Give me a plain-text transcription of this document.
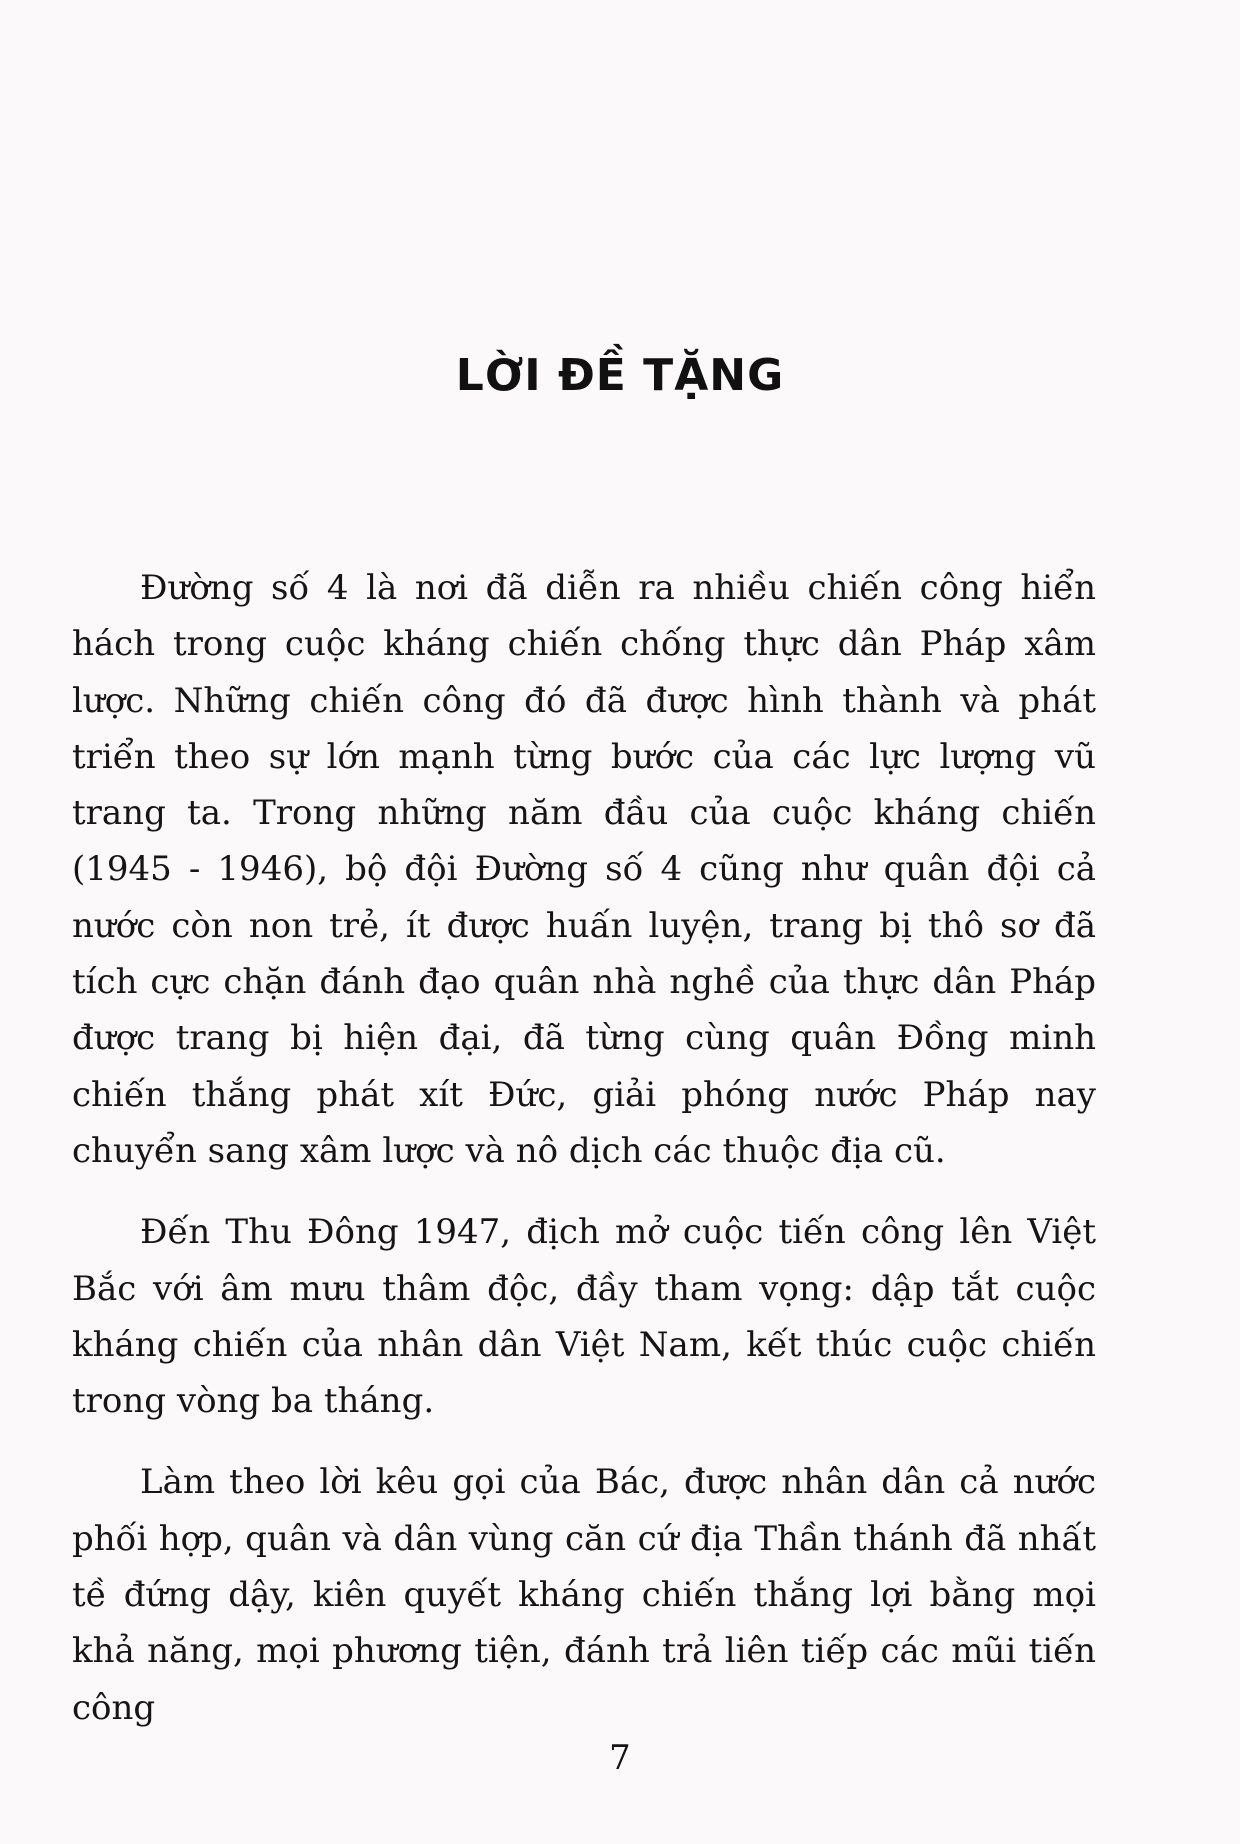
LỜI ĐỀ TẶNG

Đường số 4 là nơi đã diễn ra nhiều chiến công hiển hách trong cuộc kháng chiến chống thực dân Pháp xâm lược. Những chiến công đó đã được hình thành và phát triển theo sự lớn mạnh từng bước của các lực lượng vũ trang ta. Trong những năm đầu của cuộc kháng chiến (1945 - 1946), bộ đội Đường số 4 cũng như quân đội cả nước còn non trẻ, ít được huấn luyện, trang bị thô sơ đã tích cực chặn đánh đạo quân nhà nghề của thực dân Pháp được trang bị hiện đại, đã từng cùng quân Đồng minh chiến thắng phát xít Đức, giải phóng nước Pháp nay chuyển sang xâm lược và nô dịch các thuộc địa cũ.

Đến Thu Đông 1947, địch mở cuộc tiến công lên Việt Bắc với âm mưu thâm độc, đầy tham vọng: dập tắt cuộc kháng chiến của nhân dân Việt Nam, kết thúc cuộc chiến trong vòng ba tháng.

Làm theo lời kêu gọi của Bác, được nhân dân cả nước phối hợp, quân và dân vùng căn cứ địa Thần thánh đã nhất tề đứng dậy, kiên quyết kháng chiến thắng lợi bằng mọi khả năng, mọi phương tiện, đánh trả liên tiếp các mũi tiến công

7
